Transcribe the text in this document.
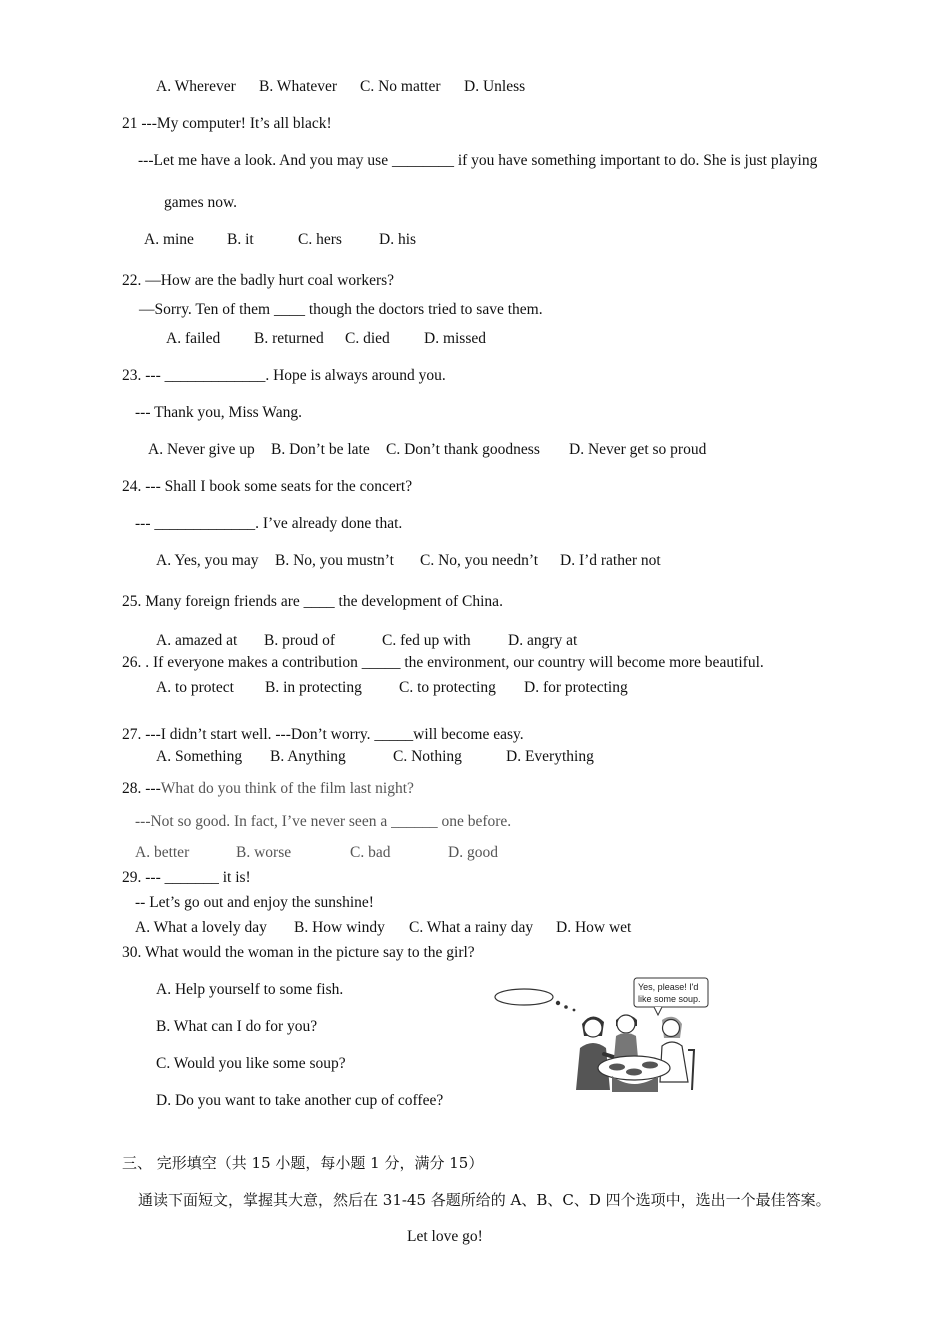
A. Wherever B. Whatever C. No matter D. Unless
21 ---My computer! It’s all black!
---Let me have a look. And you may use ________ if you have something important to do. She is just playing
games now.
A. mine B. it	C. hers D. his
22. —How are the badly hurt coal workers?
—Sorry. Ten of them ____ though the doctors tried to save them.
A. failed B. returned C. died D. missed
23. --- _____________. Hope is always around you.
--- Thank you, Miss Wang.
A. Never give up B. Don’t be late C. Don’t thank goodness D. Never get so proud
24. --- Shall I book some seats for the concert?
--- _____________. I’ve already done that.
A. Yes, you may B. No, you mustn’t C. No, you needn’t D. I’d rather not
25. Many foreign friends are ____ the development of China.
A. amazed at B. proud of	C. fed up with D. angry at
26. . If everyone makes a contribution _____ the environment, our country will become more beautiful.
A. to protect B. in protecting C. to protecting D. for protecting
27. ---I didn’t start well. ---Don’t worry. _____will become easy.
A. Something B. Anything	C. Nothing	D. Everything
28. ---What do you think of the film last night?
---Not so good. In fact, I’ve never seen a ______ one before.
A. better	B. worse	C. bad	D. good
29. --- _______ it is!
-- Let’s go out and enjoy the sunshine!
A. What a lovely day B. How windy C. What a rainy day D. How wet
30. What would the woman in the picture say to the girl?
A. Help yourself to some fish.
B. What can I do for you?
C. Would you like some soup?
D. Do you want to take another cup of coffee?
Yes, please! I'd
like some soup.
三、 完形填空（共 15 小题，每小题 1 分，满分 15）
通读下面短文，掌握其大意，然后在 31-45 各题所给的 A、B、C、D 四个选项中，选出一个最佳答案。
Let love go!
